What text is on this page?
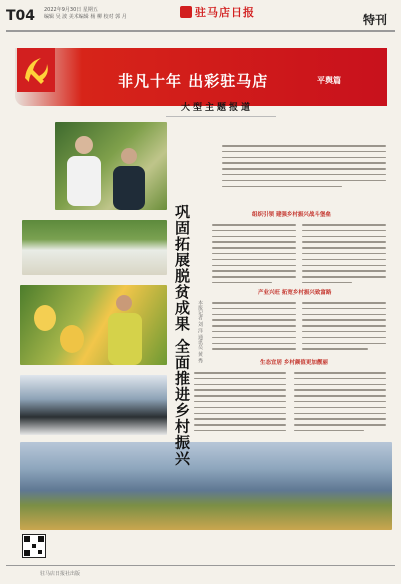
T04 2022年9月30日 星期五
编辑 吴 波 美术编辑 杨 柳 校对 郭 月	驻马店日报
特刊
非凡十年 出彩驻马店	平舆篇
大型主题报道
巩固拓展脱贫成果 全面推进乡村振兴 本报记者 刘 洋 通讯员 黄 秀
组织引领 建强乡村振兴战斗堡垒
产业兴旺 拓宽乡村振兴致富路
生态宜居 乡村颜值更加靓丽
驻马店日报社出版
